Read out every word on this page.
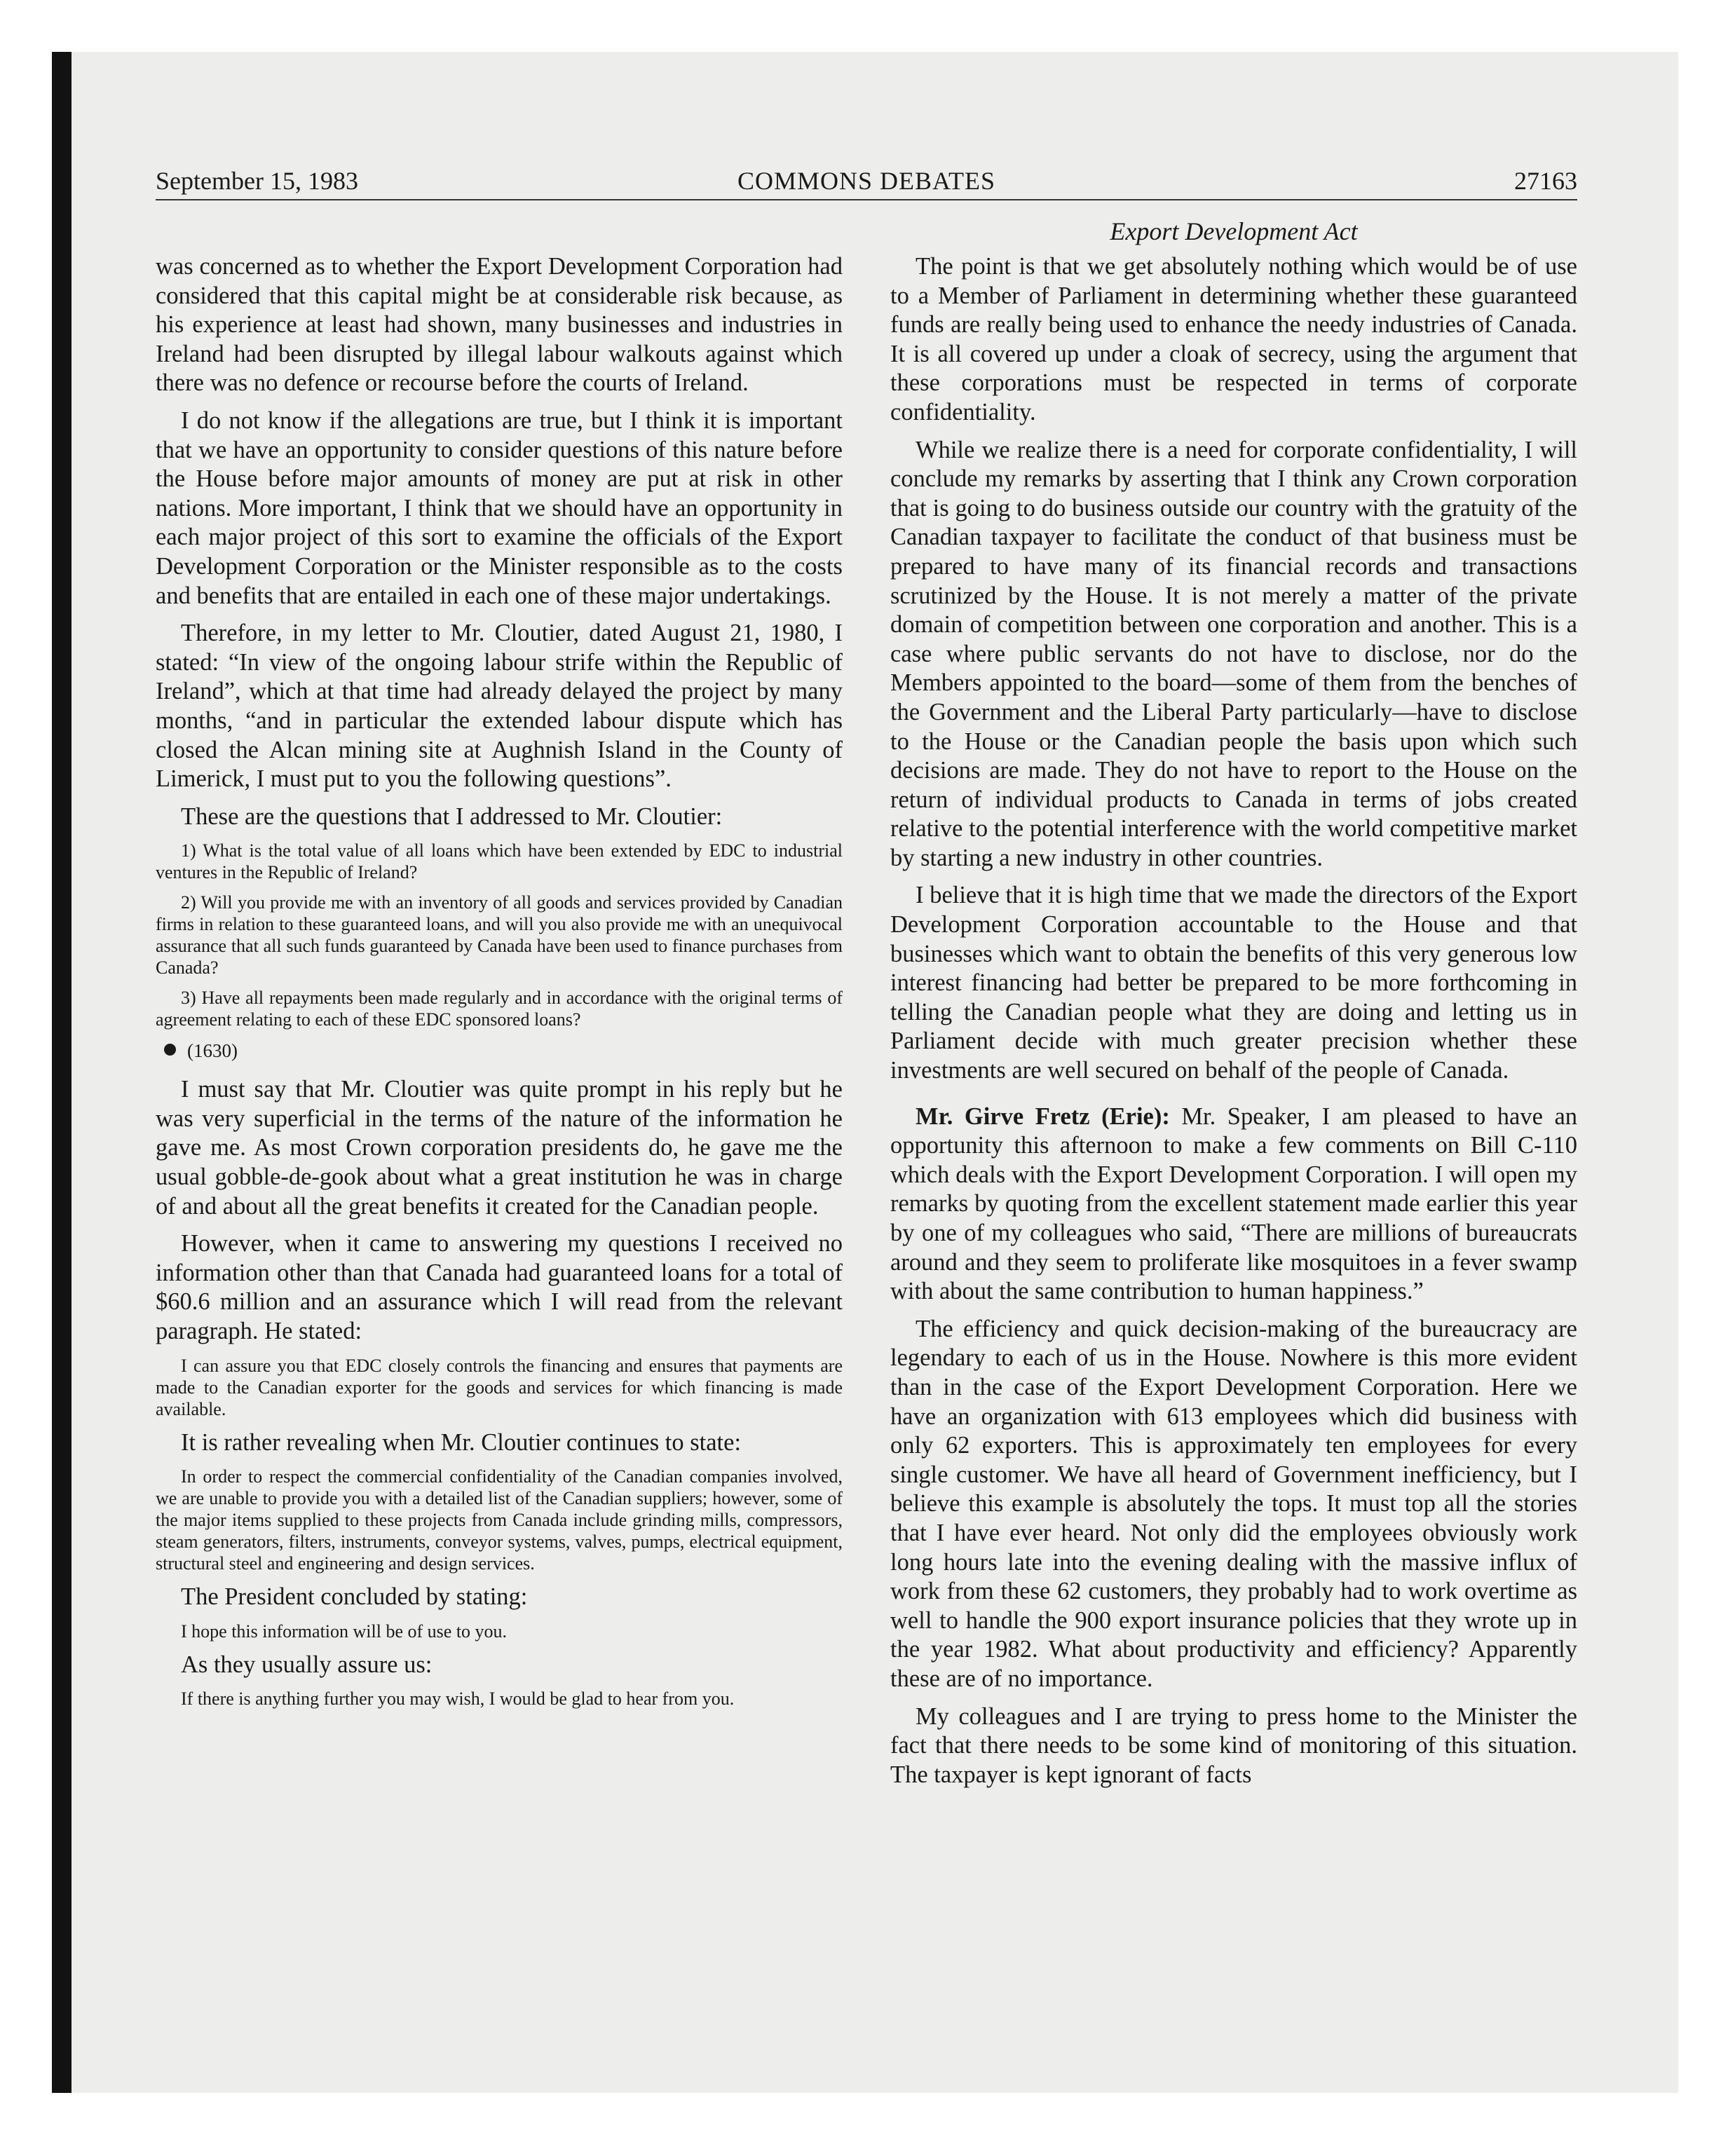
September 15, 1983	COMMONS DEBATES	27163
Export Development Act

was concerned as to whether the Export Development Corporation had considered that this capital might be at considerable risk because, as his experience at least had shown, many businesses and industries in Ireland had been disrupted by illegal labour walkouts against which there was no defence or recourse before the courts of Ireland.

I do not know if the allegations are true, but I think it is important that we have an opportunity to consider questions of this nature before the House before major amounts of money are put at risk in other nations. More important, I think that we should have an opportunity in each major project of this sort to examine the officials of the Export Development Corporation or the Minister responsible as to the costs and benefits that are entailed in each one of these major undertakings.

Therefore, in my letter to Mr. Cloutier, dated August 21, 1980, I stated: “In view of the ongoing labour strife within the Republic of Ireland”, which at that time had already delayed the project by many months, “and in particular the extended labour dispute which has closed the Alcan mining site at Aughnish Island in the County of Limerick, I must put to you the following questions”.

These are the questions that I addressed to Mr. Cloutier:

1) What is the total value of all loans which have been extended by EDC to industrial ventures in the Republic of Ireland?
2) Will you provide me with an inventory of all goods and services provided by Canadian firms in relation to these guaranteed loans, and will you also provide me with an unequivocal assurance that all such funds guaranteed by Canada have been used to finance purchases from Canada?
3) Have all repayments been made regularly and in accordance with the original terms of agreement relating to each of these EDC sponsored loans?
(1630)

I must say that Mr. Cloutier was quite prompt in his reply but he was very superficial in the terms of the nature of the information he gave me. As most Crown corporation presidents do, he gave me the usual gobble-de-gook about what a great institution he was in charge of and about all the great benefits it created for the Canadian people.

However, when it came to answering my questions I received no information other than that Canada had guaranteed loans for a total of $60.6 million and an assurance which I will read from the relevant paragraph. He stated:

I can assure you that EDC closely controls the financing and ensures that payments are made to the Canadian exporter for the goods and services for which financing is made available.

It is rather revealing when Mr. Cloutier continues to state:

In order to respect the commercial confidentiality of the Canadian companies involved, we are unable to provide you with a detailed list of the Canadian suppliers; however, some of the major items supplied to these projects from Canada include grinding mills, compressors, steam generators, filters, instruments, conveyor systems, valves, pumps, electrical equipment, structural steel and engineering and design services.

The President concluded by stating:

I hope this information will be of use to you.

As they usually assure us:

If there is anything further you may wish, I would be glad to hear from you.

The point is that we get absolutely nothing which would be of use to a Member of Parliament in determining whether these guaranteed funds are really being used to enhance the needy industries of Canada. It is all covered up under a cloak of secrecy, using the argument that these corporations must be respected in terms of corporate confidentiality.

While we realize there is a need for corporate confidentiality, I will conclude my remarks by asserting that I think any Crown corporation that is going to do business outside our country with the gratuity of the Canadian taxpayer to facilitate the conduct of that business must be prepared to have many of its financial records and transactions scrutinized by the House. It is not merely a matter of the private domain of competition between one corporation and another. This is a case where public servants do not have to disclose, nor do the Members appointed to the board—some of them from the benches of the Government and the Liberal Party particularly—have to disclose to the House or the Canadian people the basis upon which such decisions are made. They do not have to report to the House on the return of individual products to Canada in terms of jobs created relative to the potential interference with the world competitive market by starting a new industry in other countries.

I believe that it is high time that we made the directors of the Export Development Corporation accountable to the House and that businesses which want to obtain the benefits of this very generous low interest financing had better be prepared to be more forthcoming in telling the Canadian people what they are doing and letting us in Parliament decide with much greater precision whether these investments are well secured on behalf of the people of Canada.

Mr. Girve Fretz (Erie): Mr. Speaker, I am pleased to have an opportunity this afternoon to make a few comments on Bill C-110 which deals with the Export Development Corporation. I will open my remarks by quoting from the excellent statement made earlier this year by one of my colleagues who said, “There are millions of bureaucrats around and they seem to proliferate like mosquitoes in a fever swamp with about the same contribution to human happiness.”

The efficiency and quick decision-making of the bureaucracy are legendary to each of us in the House. Nowhere is this more evident than in the case of the Export Development Corporation. Here we have an organization with 613 employees which did business with only 62 exporters. This is approximately ten employees for every single customer. We have all heard of Government inefficiency, but I believe this example is absolutely the tops. It must top all the stories that I have ever heard. Not only did the employees obviously work long hours late into the evening dealing with the massive influx of work from these 62 customers, they probably had to work overtime as well to handle the 900 export insurance policies that they wrote up in the year 1982. What about productivity and efficiency? Apparently these are of no importance.

My colleagues and I are trying to press home to the Minister the fact that there needs to be some kind of monitoring of this situation. The taxpayer is kept ignorant of facts
